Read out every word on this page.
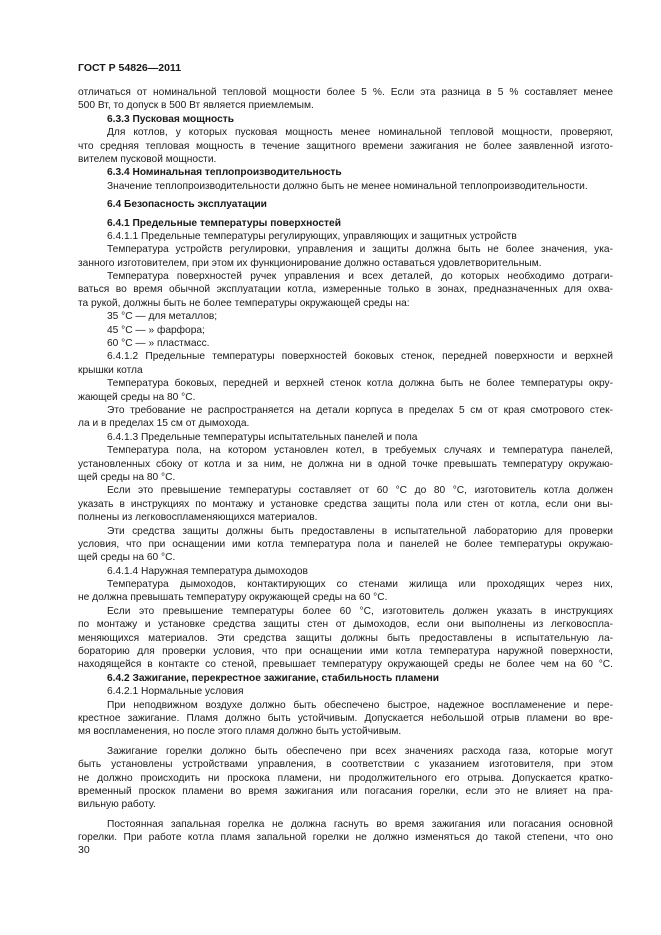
ГОСТ Р 54826—2011
отличаться от номинальной тепловой мощности более 5 %. Если эта разница в 5 % составляет менее
500 Вт, то допуск в 500 Вт является приемлемым.
6.3.3 Пусковая мощность
Для котлов, у которых пусковая мощность менее номинальной тепловой мощности, проверяют,
что средняя тепловая мощность в течение защитного времени зажигания не более заявленной изгото-
вителем пусковой мощности.
6.3.4 Номинальная теплопроизводительность
Значение теплопроизводительности должно быть не менее номинальной теплопроизводительности.
6.4 Безопасность эксплуатации
6.4.1 Предельные температуры поверхностей
6.4.1.1 Предельные температуры регулирующих, управляющих и защитных устройств
Температура устройств регулировки, управления и защиты должна быть не более значения, ука-
занного изготовителем, при этом их функционирование должно оставаться удовлетворительным.
Температура поверхностей ручек управления и всех деталей, до которых необходимо дотраги-
ваться во время обычной эксплуатации котла, измеренные только в зонах, предназначенных для охва-
та рукой, должны быть не более температуры окружающей среды на:
35 °С — для металлов;
45 °С — » фарфора;
60 °С — » пластмасс.
6.4.1.2 Предельные температуры поверхностей боковых стенок, передней поверхности и верхней
крышки котла
Температура боковых, передней и верхней стенок котла должна быть не более температуры окру-
жающей среды на 80 °С.
Это требование не распространяется на детали корпуса в пределах 5 см от края смотрового стек-
ла и в пределах 15 см от дымохода.
6.4.1.3 Предельные температуры испытательных панелей и пола
Температура пола, на котором установлен котел, в требуемых случаях и температура панелей,
установленных сбоку от котла и за ним, не должна ни в одной точке превышать температуру окружаю-
щей среды на 80 °С.
Если это превышение температуры составляет от 60 °С до 80 °С, изготовитель котла должен
указать в инструкциях по монтажу и установке средства защиты пола или стен от котла, если они вы-
полнены из легковоспламеняющихся материалов.
Эти средства защиты должны быть предоставлены в испытательной лабораторию для проверки
условия, что при оснащении ими котла температура пола и панелей не более температуры окружаю-
щей среды на 60 °С.
6.4.1.4 Наружная температура дымоходов
Температура дымоходов, контактирующих со стенами жилища или проходящих через них,
не должна превышать температуру окружающей среды на 60 °С.
Если это превышение температуры более 60 °С, изготовитель должен указать в инструкциях
по монтажу и установке средства защиты стен от дымоходов, если они выполнены из легковоспла-
меняющихся материалов. Эти средства защиты должны быть предоставлены в испытательную ла-
бораторию для проверки условия, что при оснащении ими котла температура наружной поверхности,
находящейся в контакте со стеной, превышает температуру окружающей среды не более чем на 60 °С.
6.4.2 Зажигание, перекрестное зажигание, стабильность пламени
6.4.2.1 Нормальные условия
При неподвижном воздухе должно быть обеспечено быстрое, надежное воспламенение и пере-
крестное зажигание. Пламя должно быть устойчивым. Допускается небольшой отрыв пламени во вре-
мя воспламенения, но после этого пламя должно быть устойчивым.
Зажигание горелки должно быть обеспечено при всех значениях расхода газа, которые могут
быть установлены устройствами управления, в соответствии с указанием изготовителя, при этом
не должно происходить ни проскока пламени, ни продолжительного его отрыва. Допускается кратко-
временный проскок пламени во время зажигания или погасания горелки, если это не влияет на пра-
вильную работу.
Постоянная запальная горелка не должна гаснуть во время зажигания или погасания основной
горелки. При работе котла пламя запальной горелки не должно изменяться до такой степени, что оно
30
